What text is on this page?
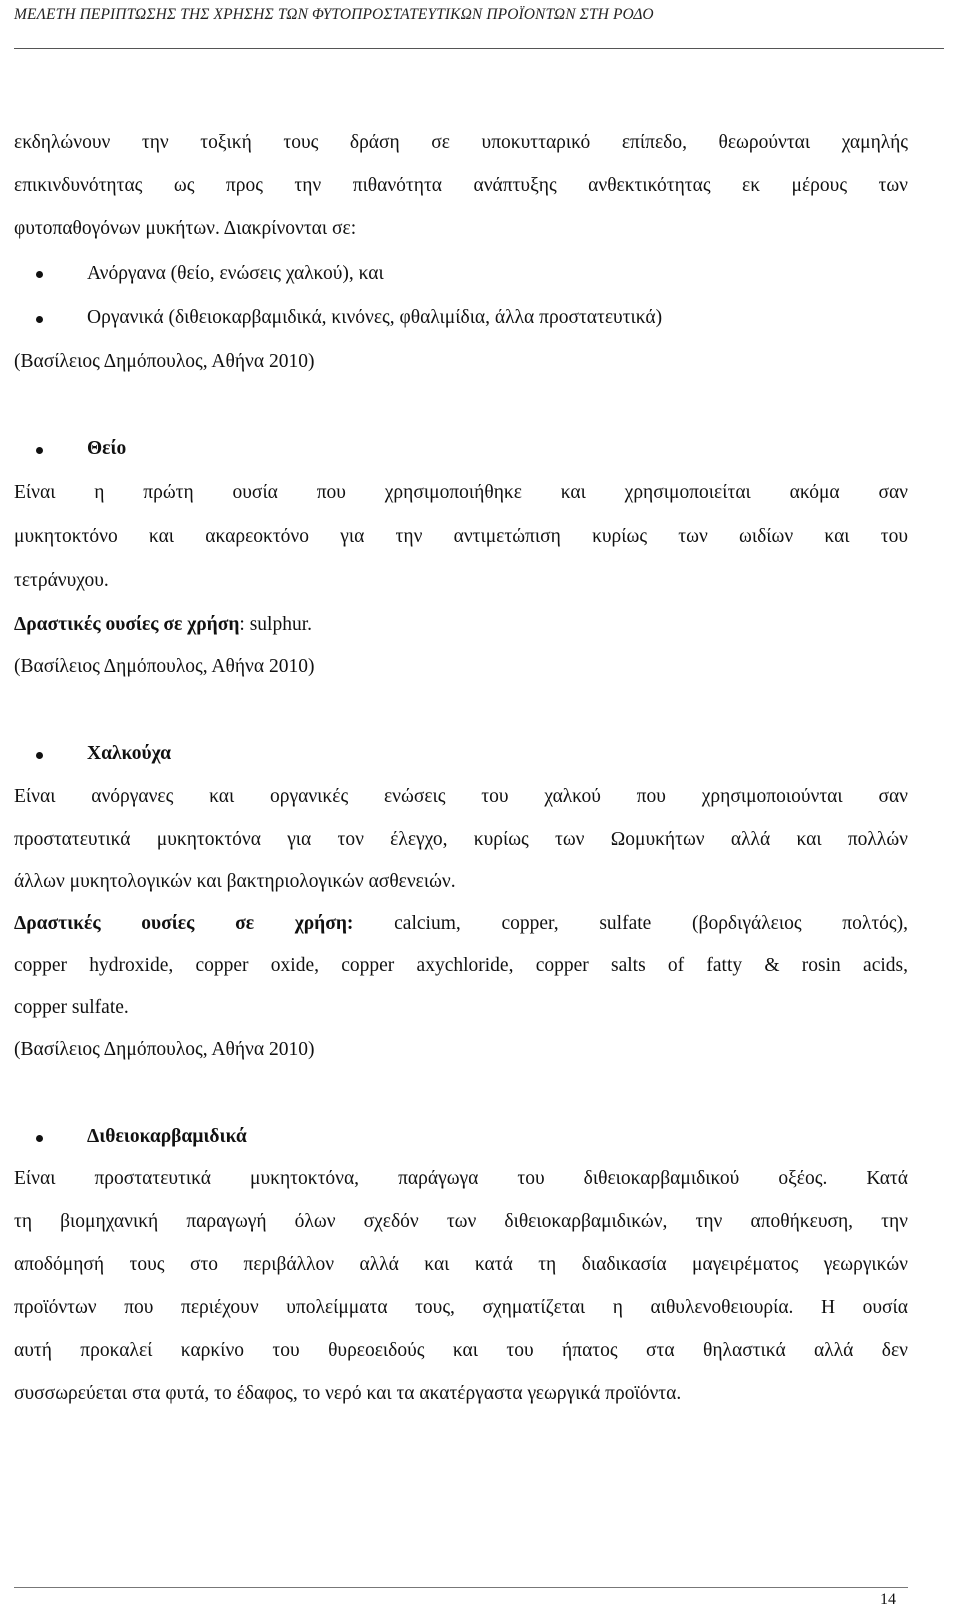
ΜΕΛΕΤΗ ΠΕΡΙΠΤΩΣΗΣ ΤΗΣ ΧΡΗΣΗΣ ΤΩΝ ΦΥΤΟΠΡΟΣΤΑΤΕΥΤΙΚΩΝ ΠΡΟΪΟΝΤΩΝ ΣΤΗ ΡΟΔΟ
εκδηλώνουν την τοξική τους δράση σε υποκυτταρικό επίπεδο, θεωρούνται χαμηλής
επικινδυνότητας ως προς την πιθανότητα ανάπτυξης ανθεκτικότητας εκ μέρους των
φυτοπαθογόνων μυκήτων. Διακρίνονται σε:
Ανόργανα (θείο, ενώσεις χαλκού), και
Οργανικά (διθειοκαρβαμιδικά, κινόνες, φθαλιμίδια, άλλα προστατευτικά)
(Βασίλειος Δημόπουλος, Αθήνα 2010)
Θείο
Είναι η πρώτη ουσία που χρησιμοποιήθηκε και χρησιμοποιείται ακόμα σαν
μυκητοκτόνο και ακαρεοκτόνο για την αντιμετώπιση κυρίως των ωιδίων και του
τετράνυχου.
Δραστικές ουσίες σε χρήση: sulphur.
(Βασίλειος Δημόπουλος, Αθήνα 2010)
Χαλκούχα
Είναι ανόργανες και οργανικές ενώσεις του χαλκού που χρησιμοποιούνται σαν
προστατευτικά μυκητοκτόνα για τον έλεγχο, κυρίως των Ωομυκήτων αλλά και πολλών
άλλων μυκητολογικών και βακτηριολογικών ασθενειών.
Δραστικές ουσίες σε χρήση: calcium, copper, sulfate (βορδιγάλειος πολτός),
copper hydroxide, copper oxide, copper axychloride, copper salts of fatty & rosin acids,
copper sulfate.
(Βασίλειος Δημόπουλος, Αθήνα 2010)
Διθειοκαρβαμιδικά
Είναι προστατευτικά μυκητοκτόνα, παράγωγα του διθειοκαρβαμιδικού οξέος. Κατά
τη βιομηχανική παραγωγή όλων σχεδόν των διθειοκαρβαμιδικών, την αποθήκευση, την
αποδόμησή τους στο περιβάλλον αλλά και κατά τη διαδικασία μαγειρέματος γεωργικών
προϊόντων που περιέχουν υπολείμματα τους, σχηματίζεται η αιθυλενοθειουρία. Η ουσία
αυτή προκαλεί καρκίνο του θυρεοειδούς και του ήπατος στα θηλαστικά αλλά δεν
συσσωρεύεται στα φυτά, το έδαφος, το νερό και τα ακατέργαστα γεωργικά προϊόντα.
14
